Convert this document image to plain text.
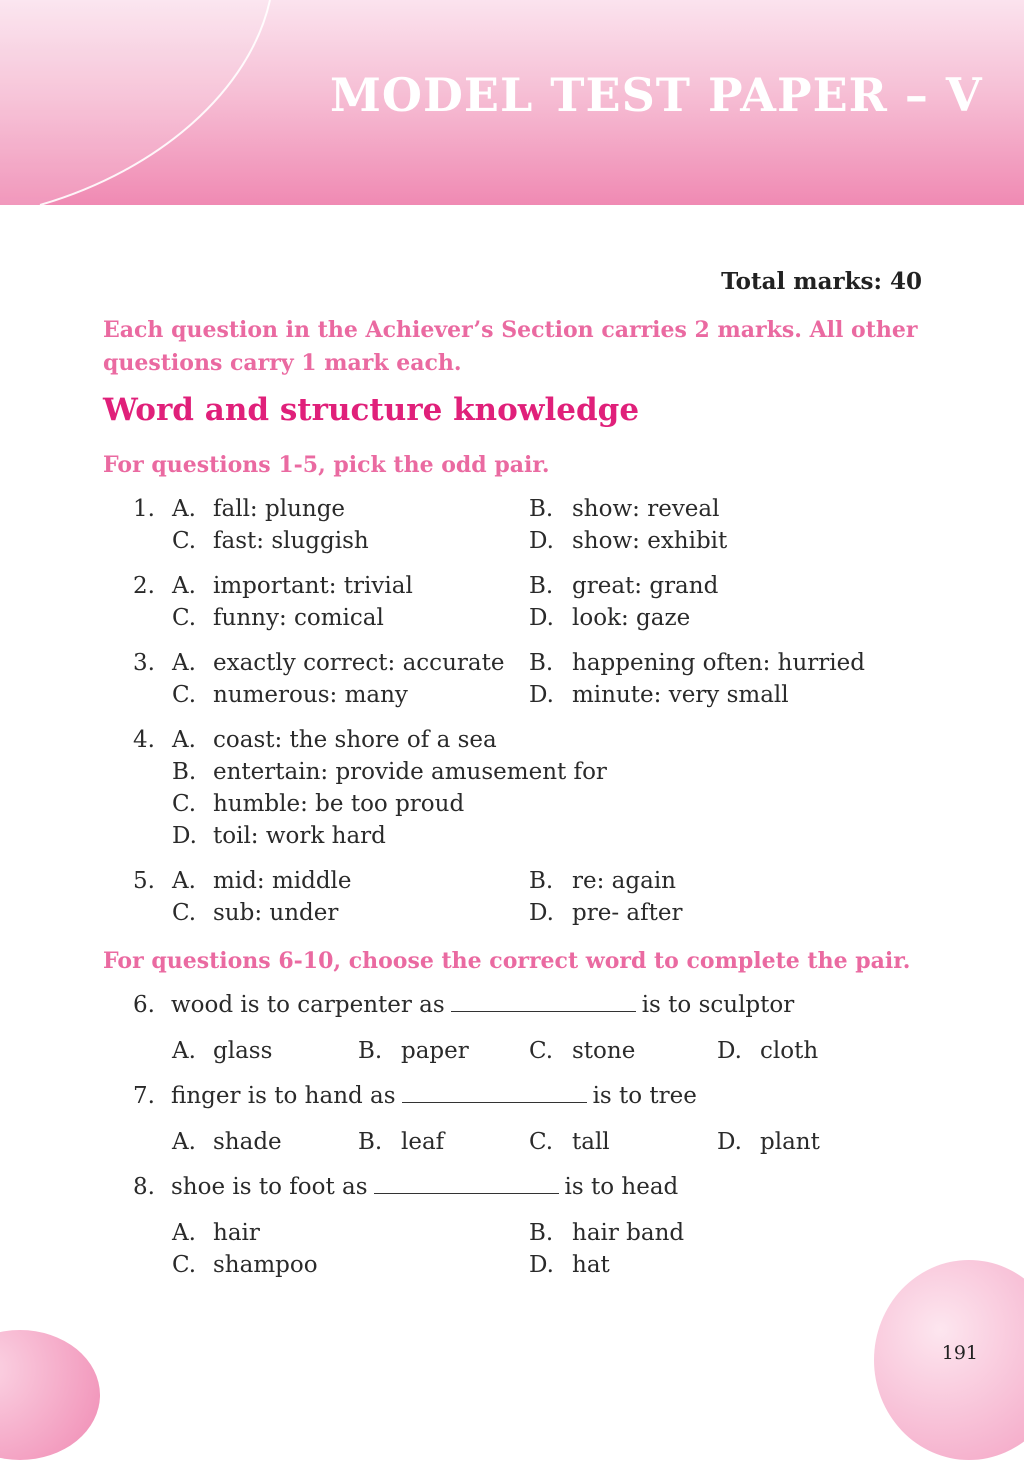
MODEL TEST PAPER – V
Total marks: 40
Each question in the Achiever’s Section carries 2 marks. All other questions carry 1 mark each.
Word and structure knowledge
For questions 1-5, pick the odd pair.
1. A. fall: plunge	B. show: reveal
C. fast: sluggish	D. show: exhibit
2. A. important: trivial	B. great: grand
C. funny: comical	D. look: gaze
3. A. exactly correct: accurate B. happening often: hurried
C. numerous: many	D. minute: very small
4. A. coast: the shore of a sea
B. entertain: provide amusement for
C. humble: be too proud
D. toil: work hard
5. A. mid: middle	B. re: again
C. sub: under	D. pre- after
For questions 6-10, choose the correct word to complete the pair.
6. wood is to carpenter as	is to sculptor
A. glass	B. paper	C. stone	D. cloth
7. finger is to hand as	is to tree
A. shade	B. leaf	C. tall	D. plant
8. shoe is to foot as	is to head
A. hair	B. hair band
C. shampoo	D. hat
191
